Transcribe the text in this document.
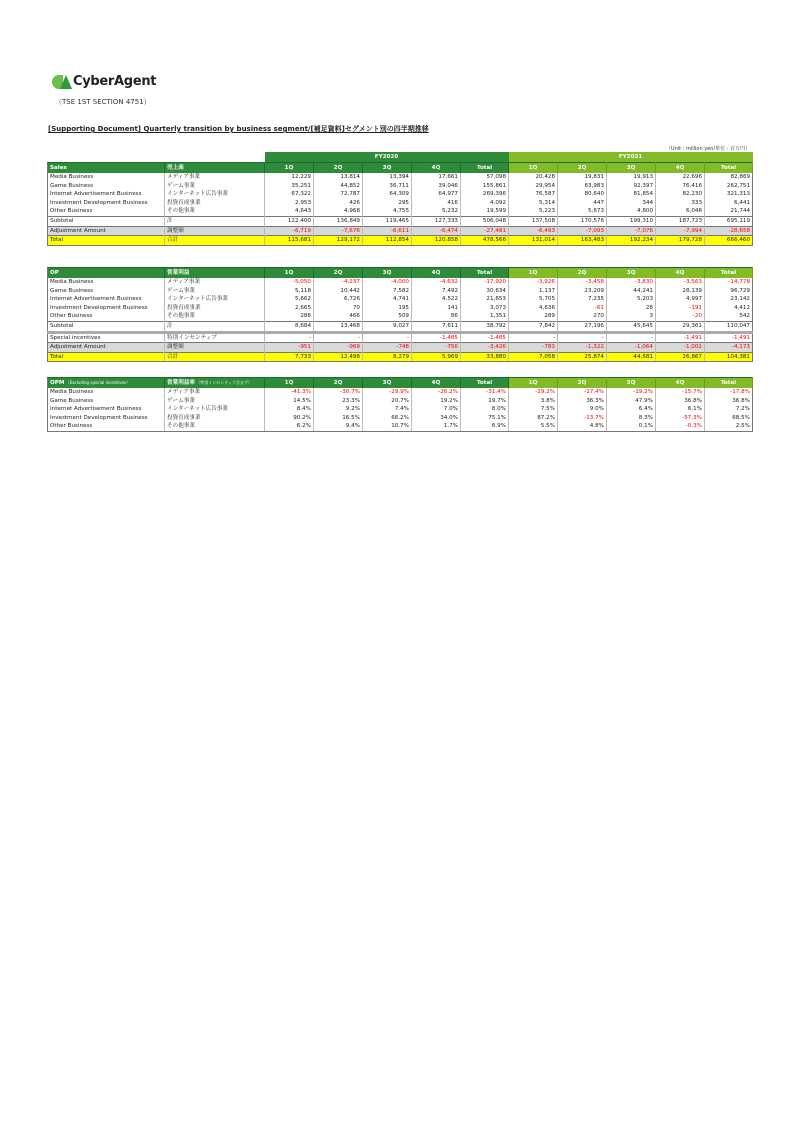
CyberAgent
（TSE 1ST SECTION 4751）
[Supporting Document] Quarterly transition by business segment/[補足資料]セグメント別の四半期推移
（Unit : million yen/単位 : 百万円）
		FY2020					FY2021				
Sales	売上高	1Q	2Q	3Q	4Q	Total	1Q	2Q	3Q	4Q	Total
Media Business	メディア事業	12,229	13,814	13,394	17,661	57,098	20,428	19,831	19,913	22,696	82,869
Game Business	ゲーム事業	35,251	44,852	36,711	39,046	155,861	29,954	63,983	92,397	76,416	262,751
Internet Advertisement Business	インターネット広告事業	67,322	72,787	64,309	64,977	269,396	76,587	80,640	81,854	82,230	321,313
Investment Development Business	投資育成事業	2,953	426	295	416	4,092	5,314	447	344	333	6,441
Other Business	その他事業	4,643	4,968	4,755	5,232	19,599	5,223	5,673	4,800	6,046	21,744
Subtotal	計	122,400	136,849	119,465	127,333	506,048	137,508	170,576	199,310	187,723	695,119
Adjustment Amount	調整額	-6,719	-7,676	-6,611	-6,474	-27,481	-6,493	-7,093	-7,076	-7,994	-28,658
Total	合計	115,681	129,172	112,854	120,858	478,566	131,014	163,483	192,234	179,728	666,460
OP	営業利益	1Q	2Q	3Q	4Q	Total	1Q	2Q	3Q	4Q	Total
Media Business	メディア事業	-5,050	-4,237	-4,000	-4,632	-17,920	-3,926	-3,458	-3,830	-3,563	-14,778
Game Business	ゲーム事業	5,118	10,442	7,582	7,492	30,634	1,137	23,209	44,241	28,139	96,729
Internet Advertisement Business	インターネット広告事業	5,662	6,726	4,741	4,522	21,653	5,705	7,235	5,203	4,997	23,142
Investment Development Business	投資育成事業	2,665	70	195	141	3,073	4,636	-61	28	-191	4,412
Other Business	その他事業	288	466	509	86	1,351	289	270	3	-20	542
Subtotal	計	8,684	13,468	9,027	7,611	38,792	7,842	27,196	45,645	29,361	110,047
Special incentives	特別インセンティブ	-	-	-	-1,485	-1,485	-	-	-	-1,491	-1,491
Adjustment Amount	調整額	-951	-969	-748	-756	-3,426	-783	-1,322	-1,064	-1,002	-4,173
Total	合計	7,733	12,498	8,279	5,969	33,880	7,058	25,874	44,581	26,867	104,381
OPM （Excluding special incentives）	営業利益率 （特別インセンティブ含まず）	1Q	2Q	3Q	4Q	Total	1Q	2Q	3Q	4Q	Total
Media Business	メディア事業	-41.3%	-30.7%	-29.9%	-26.2%	-31.4%	-19.2%	-17.4%	-19.2%	-15.7%	-17.8%
Game Business	ゲーム事業	14.5%	23.3%	20.7%	19.2%	19.7%	3.8%	36.3%	47.9%	36.8%	36.8%
Internet Advertisement Business	インターネット広告事業	8.4%	9.2%	7.4%	7.0%	8.0%	7.5%	9.0%	6.4%	6.1%	7.2%
Investment Development Business	投資育成事業	90.2%	16.5%	66.2%	34.0%	75.1%	87.2%	-13.7%	8.3%	-57.3%	68.5%
Other Business	その他事業	6.2%	9.4%	10.7%	1.7%	6.9%	5.5%	4.8%	0.1%	-0.3%	2.5%
